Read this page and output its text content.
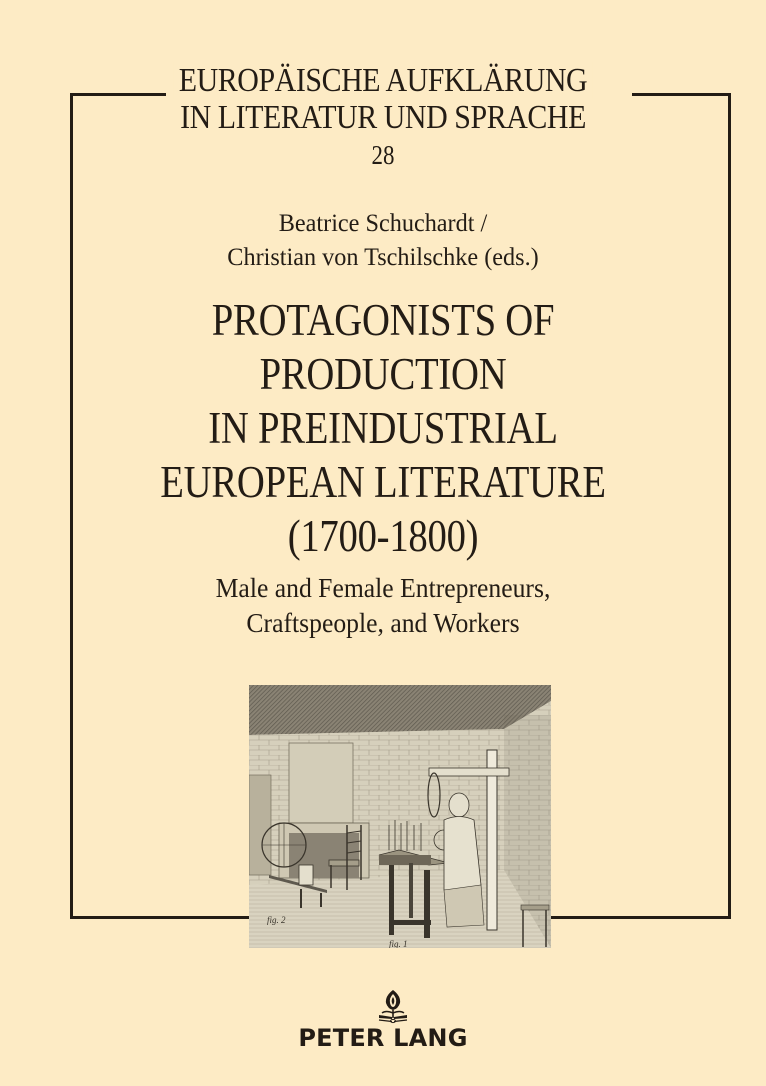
EUROPÄISCHE AUFKLÄRUNG
IN LITERATUR UND SPRACHE
28
Beatrice Schuchardt /
Christian von Tschilschke (eds.)
PROTAGONISTS OF
PRODUCTION
IN PREINDUSTRIAL
EUROPEAN LITERATURE
(1700-1800)
Male and Female Entrepreneurs,
Craftspeople, and Workers
fig. 2
fig. 1
PETER LANG
